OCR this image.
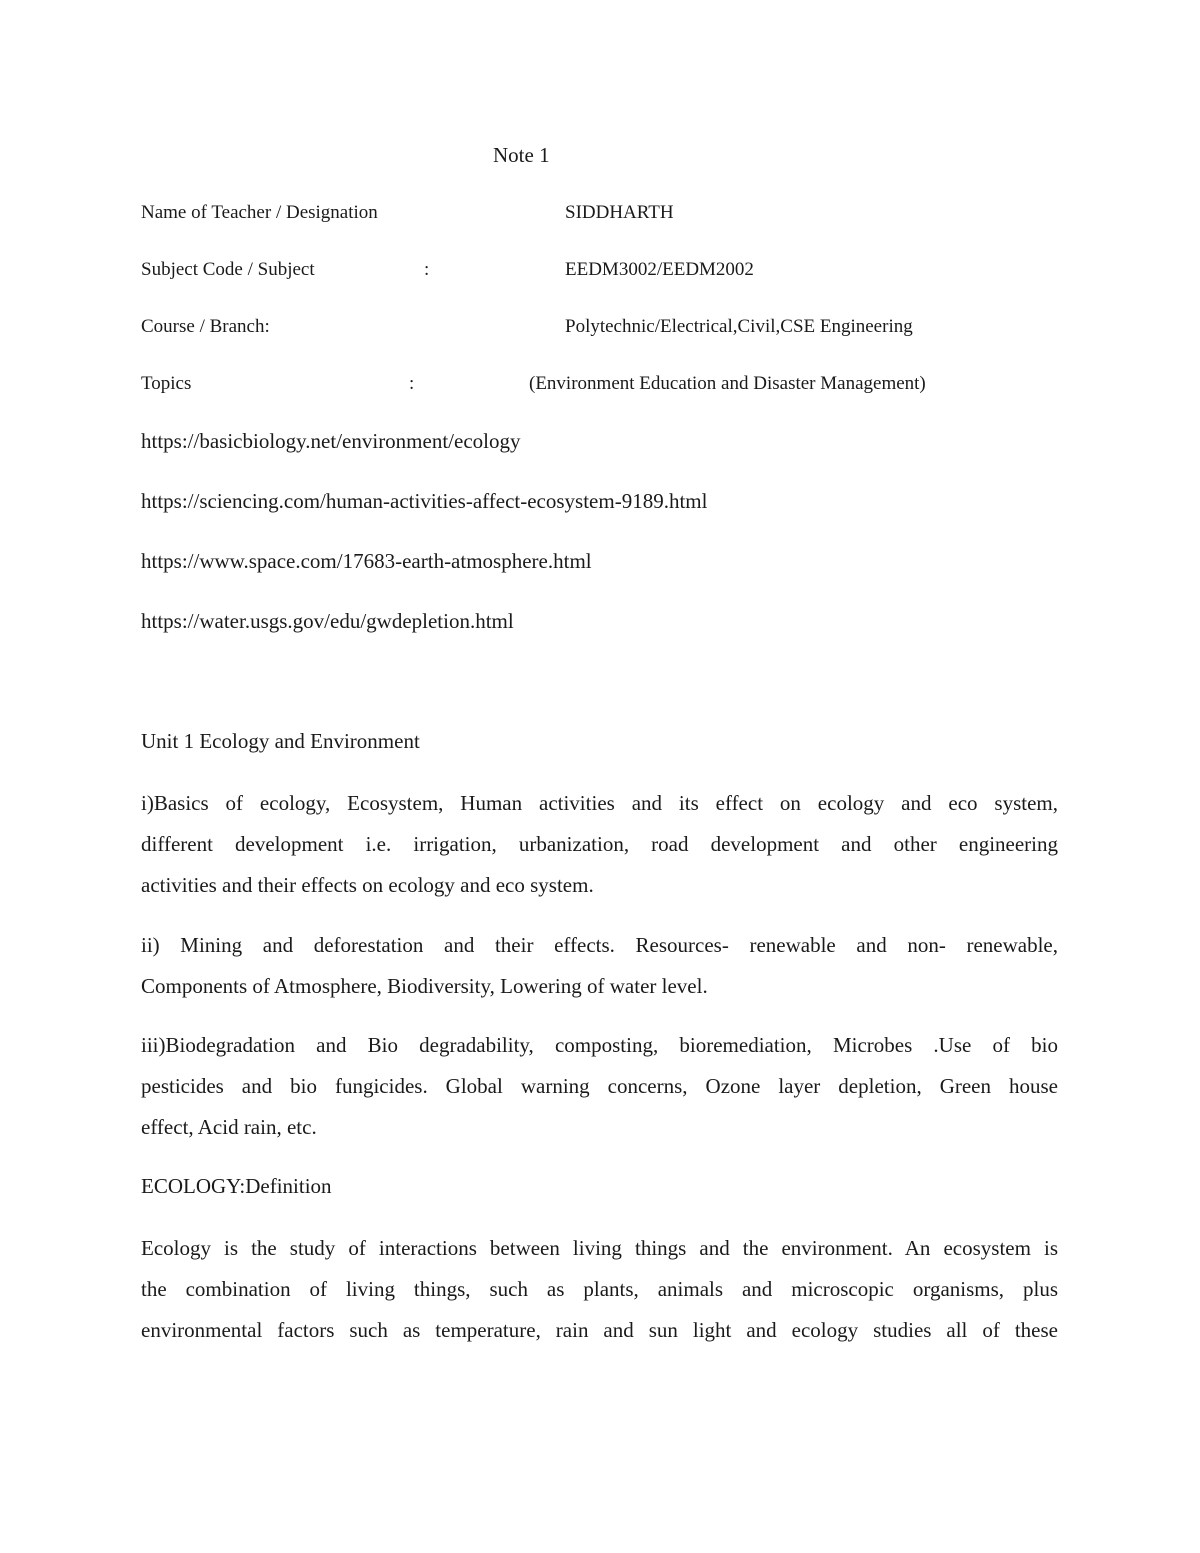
Note 1
Name of Teacher / Designation	SIDDHARTH
Subject Code / Subject	:	EEDM3002/EEDM2002
Course / Branch:	Polytechnic/Electrical,Civil,CSE Engineering
Topics	:	(Environment Education and Disaster Management)
https://basicbiology.net/environment/ecology
https://sciencing.com/human-activities-affect-ecosystem-9189.html
https://www.space.com/17683-earth-atmosphere.html
https://water.usgs.gov/edu/gwdepletion.html
Unit 1 Ecology and Environment
i)Basics of ecology, Ecosystem, Human activities and its effect on ecology and eco system,
different development i.e. irrigation, urbanization, road development and other engineering
activities and their effects on ecology and eco system.
ii) Mining and deforestation and their effects. Resources- renewable and non- renewable,
Components of Atmosphere, Biodiversity, Lowering of water level.
iii)Biodegradation and Bio degradability, composting, bioremediation, Microbes .Use of bio
pesticides and bio fungicides. Global warning concerns, Ozone layer depletion, Green house
effect, Acid rain, etc.
ECOLOGY:Definition
Ecology is the study of interactions between living things and the environment. An ecosystem is
the combination of living things, such as plants, animals and microscopic organisms, plus
environmental factors such as temperature, rain and sun light and ecology studies all of these
